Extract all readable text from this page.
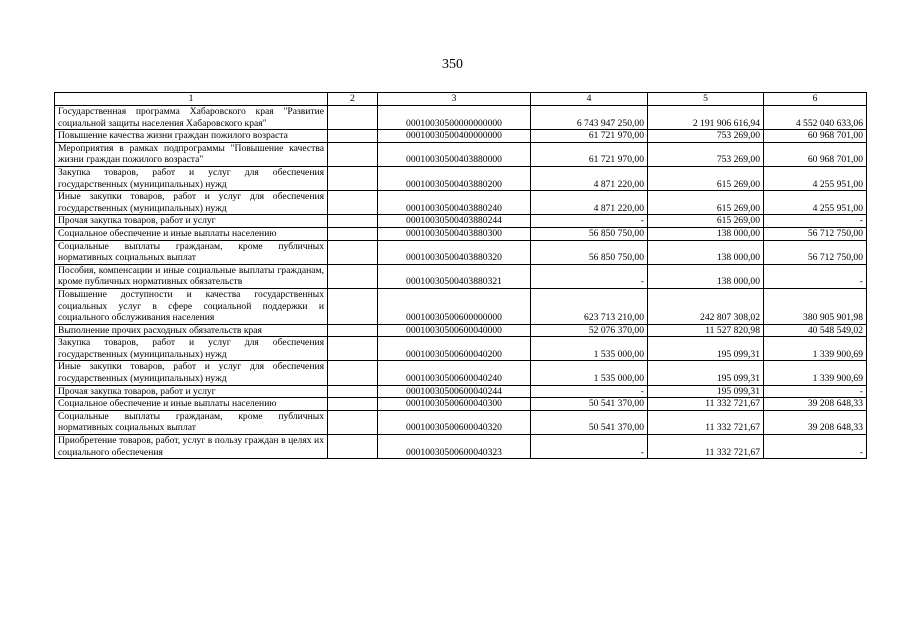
350
1	2	3	4	5	6
Государственная программа Хабаровского края "Развитие социальной защиты населения Хабаровского края"		00010030500000000000	6 743 947 250,00	2 191 906 616,94	4 552 040 633,06
Повышение качества жизни граждан пожилого возраста		00010030500400000000	61 721 970,00	753 269,00	60 968 701,00
Мероприятия в рамках подпрограммы "Повышение качества жизни граждан пожилого возраста"		00010030500403880000	61 721 970,00	753 269,00	60 968 701,00
Закупка товаров, работ и услуг для обеспечения государственных (муниципальных) нужд		00010030500403880200	4 871 220,00	615 269,00	4 255 951,00
Иные закупки товаров, работ и услуг для обеспечения государственных (муниципальных) нужд		00010030500403880240	4 871 220,00	615 269,00	4 255 951,00
Прочая закупка товаров, работ и услуг		00010030500403880244	-	615 269,00	-
Социальное обеспечение и иные выплаты населению		00010030500403880300	56 850 750,00	138 000,00	56 712 750,00
Социальные выплаты гражданам, кроме публичных нормативных социальных выплат		00010030500403880320	56 850 750,00	138 000,00	56 712 750,00
Пособия, компенсации и иные социальные выплаты гражданам, кроме публичных нормативных обязательств		00010030500403880321	-	138 000,00	-
Повышение доступности и качества государственных социальных услуг в сфере социальной поддержки и социального обслуживания населения		00010030500600000000	623 713 210,00	242 807 308,02	380 905 901,98
Выполнение прочих расходных обязательств края		00010030500600040000	52 076 370,00	11 527 820,98	40 548 549,02
Закупка товаров, работ и услуг для обеспечения государственных (муниципальных) нужд		00010030500600040200	1 535 000,00	195 099,31	1 339 900,69
Иные закупки товаров, работ и услуг для обеспечения государственных (муниципальных) нужд		00010030500600040240	1 535 000,00	195 099,31	1 339 900,69
Прочая закупка товаров, работ и услуг		00010030500600040244	-	195 099,31	-
Социальное обеспечение и иные выплаты населению		00010030500600040300	50 541 370,00	11 332 721,67	39 208 648,33
Социальные выплаты гражданам, кроме публичных нормативных социальных выплат		00010030500600040320	50 541 370,00	11 332 721,67	39 208 648,33
Приобретение товаров, работ, услуг в пользу граждан в целях их социального обеспечения		00010030500600040323	-	11 332 721,67	-
